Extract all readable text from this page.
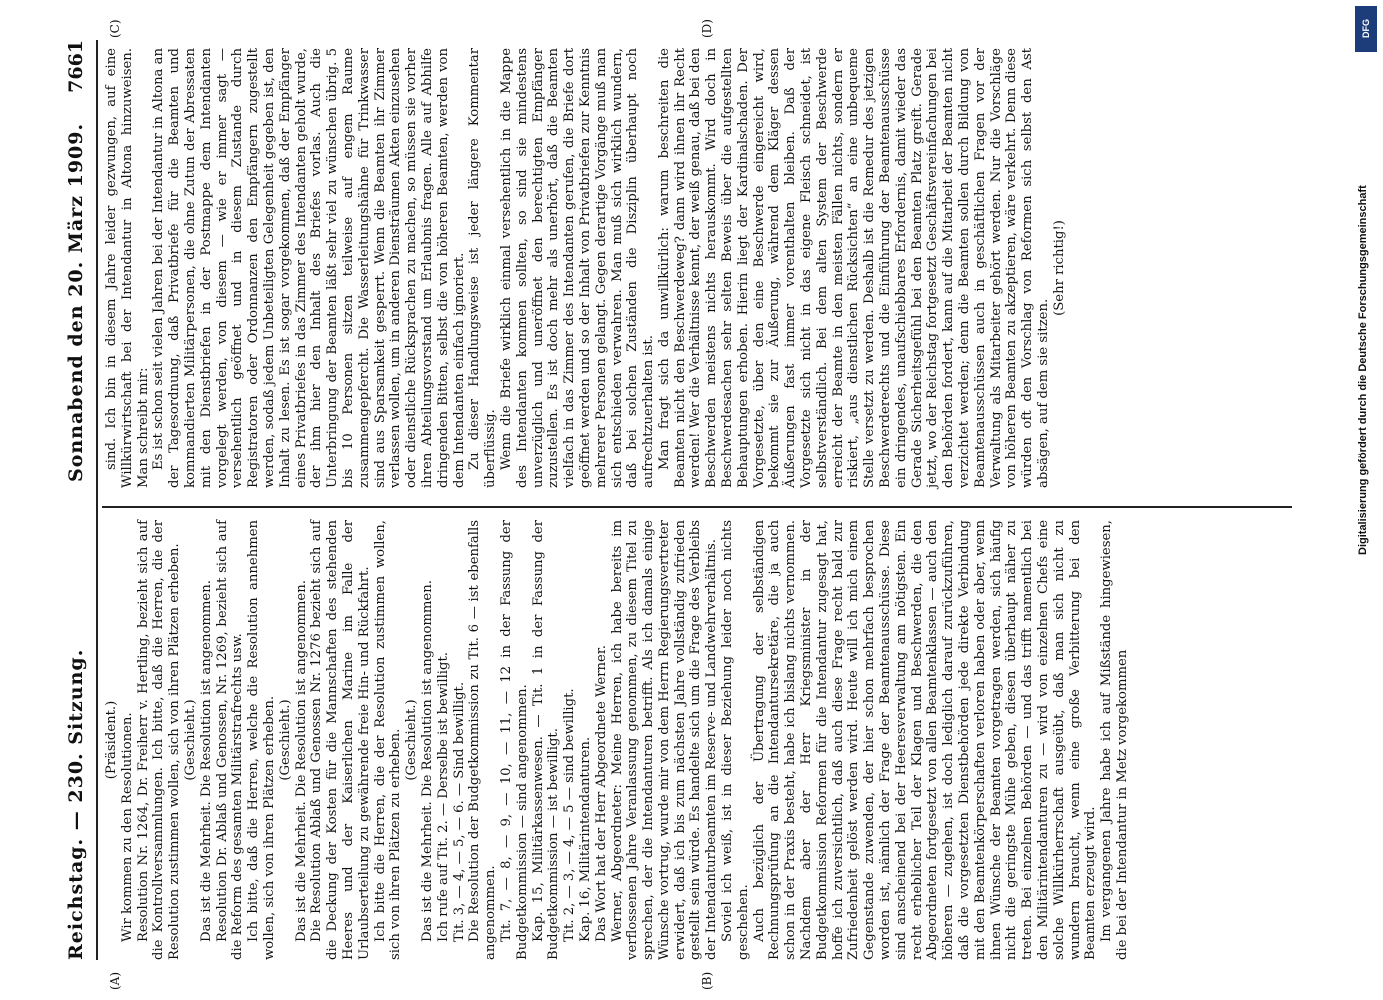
Reichstag. — 230. Sitzung.
Sonnabend den 20. März 1909.
7661
(A)	(B)
(C)	(D)

(Präsident.) Wir kommen zu den Resolutionen. Resolution Nr. 1264, Dr. Freiherr v. Hertling, bezieht sich auf die Kontrollversammlungen. Ich bitte, daß die Herren, die der Resolution zustimmen wollen, sich von ihren Plätzen erheben. (Geschieht.) Das ist die Mehrheit. Die Resolution ist angenommen. Resolution Dr. Ablaß und Genossen, Nr. 1269, bezieht sich auf die Reform des gesamten Militärstrafrechts usw. Ich bitte, daß die Herren, welche die Resolution annehmen wollen, sich von ihren Plätzen erheben. (Geschieht.) Das ist die Mehrheit. Die Resolution ist angenommen. Die Resolution Ablaß und Genossen Nr. 1276 bezieht sich auf die Deckung der Kosten für die Mannschaften des stehenden Heeres und der Kaiserlichen Marine im Falle der Urlaubserteilung zu gewährende freie Hin- und Rückfahrt. Ich bitte die Herren, die der Resolution zustimmen wollen, sich von ihren Plätzen zu erheben. (Geschieht.) Das ist die Mehrheit. Die Resolution ist angenommen. Ich rufe auf Tit. 2. — Derselbe ist bewilligt. Tit. 3, — 4, — 5, — 6. — Sind bewilligt. Die Resolution der Budgetkommission zu Tit. 6 — ist ebenfalls angenommen. Tit. 7, — 8, — 9, — 10, — 11, — 12 in der Fassung der Budgetkommission — sind angenommen. Kap. 15, Militärkassenwesen. — Tit. 1 in der Fassung der Budgetkommission — ist bewilligt. Tit. 2, — 3, — 4, — 5 — sind bewilligt. Kap. 16, Militärintendanturen. Das Wort hat der Herr Abgeordnete Werner. Werner, Abgeordneter: Meine Herren, ich habe bereits im verflossenen Jahre Veranlassung genommen, zu diesem Titel zu sprechen, der die Intendanturen betrifft. Als ich damals einige Wünsche vortrug, wurde mir von dem Herrn Regierungsvertreter erwidert, daß ich bis zum nächsten Jahre vollständig zufrieden gestellt sein würde. Es handelte sich um die Frage des Verbleibs der Intendanturbeamten im Reserve- und Landwehrverhältnis. Soviel ich weiß, ist in dieser Beziehung leider noch nichts geschehen. Auch bezüglich der Übertragung der selbständigen Rechnungsprüfung an die Intendantursekretäre, die ja auch schon in der Praxis besteht, habe ich bislang nichts vernommen. Nachdem aber der Herr Kriegsminister in der Budgetkommission Reformen für die Intendantur zugesagt hat, hoffe ich zuversichtlich, daß auch diese Frage recht bald zur Zufriedenheit gelöst werden wird. Heute will ich mich einem Gegenstande zuwenden, der hier schon mehrfach besprochen worden ist, nämlich der Frage der Beamtenausschüsse. Diese sind anscheinend bei der Heeresverwaltung am nötigsten. Ein recht erheblicher Teil der Klagen und Beschwerden, die den Abgeordneten fortgesetzt von allen Beamtenklassen — auch den höheren — zugehen, ist doch lediglich darauf zurückzuführen, daß die vorgesetzten Dienstbehörden jede direkte Verbindung mit den Beamtenkörperschaften verloren haben oder aber, wenn ihnen Wünsche der Beamten vorgetragen werden, sich häufig nicht die geringste Mühe geben, diesen überhaupt näher zu treten. Bei einzelnen Behörden — und das trifft namentlich bei den Militärintendanturen zu — wird von einzelnen Chefs eine solche Willkürherrschaft ausgeübt, daß man sich nicht zu wundern braucht, wenn eine große Verbitterung bei den Beamten erzeugt wird. Im vergangenen Jahre habe ich auf Mißstände hingewiesen, die bei der Intendantur in Metz vorgekommen

sind. Ich bin in diesem Jahre leider gezwungen, auf eine Willkürwirtschaft bei der Intendantur in Altona hinzuweisen. Man schreibt mir: Es ist schon seit vielen Jahren bei der Intendantur in Altona an der Tagesordnung, daß Privatbriefe für die Beamten und kommandierten Militärpersonen, die ohne Zutun der Abressaten mit den Dienstbriefen in der Postmappe dem Intendanten vorgelegt werden, von diesem — wie er immer sagt — versehentlich geöffnet und in diesem Zustande durch Registratoren oder Ordonnanzen den Empfängern zugestellt werden, sodaß jedem Unbeteiligten Gelegenheit gegeben ist, den Inhalt zu lesen. Es ist sogar vorgekommen, daß der Empfänger eines Privatbriefes in das Zimmer des Intendanten geholt wurde, der ihm hier den Inhalt des Briefes vorlas. Auch die Unterbringung der Beamten läßt sehr viel zu wünschen übrig. 5 bis 10 Personen sitzen teilweise auf engem Raume zusammengepfercht. Die Wasserleitungshähne für Trinkwasser sind aus Sparsamkeit gesperrt. Wenn die Beamten ihr Zimmer verlassen wollen, um in anderen Diensträumen Akten einzusehen oder dienstliche Rücksprachen zu machen, so müssen sie vorher ihren Abteilungsvorstand um Erlaubnis fragen. Alle auf Abhilfe dringenden Bitten, selbst die von höheren Beamten, werden von dem Intendanten einfach ignoriert. Zu dieser Handlungsweise ist jeder längere Kommentar überflüssig. Wenn die Briefe wirklich einmal versehentlich in die Mappe des Intendanten kommen sollten, so sind sie mindestens unverzüglich und uneröffnet den berechtigten Empfänger zuzustellen. Es ist doch mehr als unerhört, daß die Beamten vielfach in das Zimmer des Intendanten gerufen, die Briefe dort geöffnet werden und so der Inhalt von Privatbriefen zur Kenntnis mehrerer Personen gelangt. Gegen derartige Vorgänge muß man sich entschieden verwahren. Man muß sich wirklich wundern, daß bei solchen Zuständen die Disziplin überhaupt noch aufrechtzuerhalten ist. Man fragt sich da unwillkürlich: warum beschreiten die Beamten nicht den Beschwerdeweg? dann wird ihnen ihr Recht werden! Wer die Verhältnisse kennt, der weiß genau, daß bei den Beschwerden meistens nichts herauskommt. Wird doch in Beschwerdesachen sehr selten Beweis über die aufgestellten Behauptungen erhoben. Hierin liegt der Kardinalschaden. Der Vorgesetzte, über den eine Beschwerde eingereicht wird, bekommt sie zur Äußerung, während dem Kläger dessen Äußerungen fast immer vorenthalten bleiben. Daß der Vorgesetzte sich nicht in das eigene Fleisch schneidet, ist selbstverständlich. Bei dem alten System der Beschwerde erreicht der Beamte in den meisten Fällen nichts, sondern er riskiert, „aus dienstlichen Rücksichten“ an eine unbequeme Stelle versetzt zu werden. Deshalb ist die Remedur des jetzigen Beschwerderechts und die Einführung der Beamtenausschüsse ein dringendes, unaufschiebbares Erfordernis, damit wieder das Gerade Sicherheitsgefühl bei den Beamten Platz greift. Gerade jetzt, wo der Reichstag fortgesetzt Geschäftsvereinfachungen bei den Behörden fordert, kann auf die Mitarbeit der Beamten nicht verzichtet werden; denn die Beamten sollen durch Bildung von Beamtenausschüssen auch in geschäftlichen Fragen vor der Verwaltung als Mitarbeiter gehört werden. Nur die Vorschläge von höheren Beamten zu akzeptieren, wäre verkehrt. Denn diese würden oft den Vorschlag von Reformen sich selbst den Ast absägen, auf dem sie sitzen.

(Sehr richtig!)

DFG
Digitalisierung gefördert durch die Deutsche Forschungsgemeinschaft
